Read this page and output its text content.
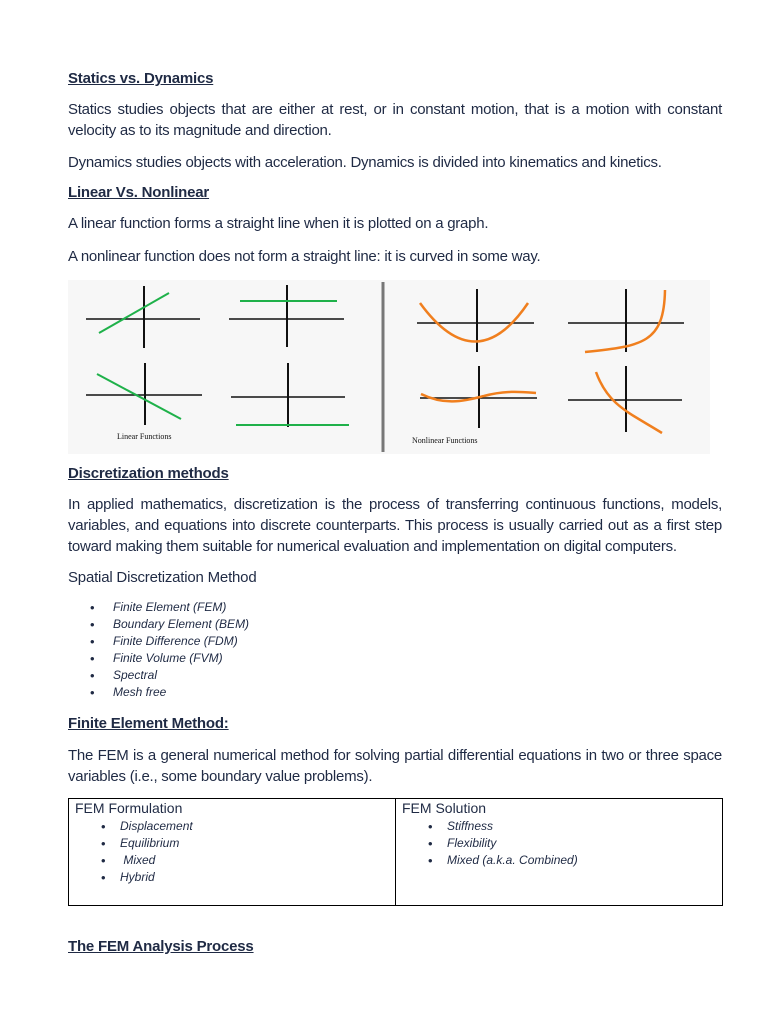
Statics vs. Dynamics
Statics studies objects that are either at rest, or in constant motion, that is a motion with constant velocity as to its magnitude and direction.
Dynamics studies objects with acceleration. Dynamics is divided into kinematics and kinetics.
Linear Vs. Nonlinear
A linear function forms a straight line when it is plotted on a graph.
A nonlinear function does not form a straight line: it is curved in some way.
Discretization methods
In applied mathematics, discretization is the process of transferring continuous functions, models, variables, and equations into discrete counterparts. This process is usually carried out as a first step toward making them suitable for numerical evaluation and implementation on digital computers.
Spatial Discretization Method
• Finite Element (FEM)
• Boundary Element (BEM)
• Finite Difference (FDM)
• Finite Volume (FVM)
• Spectral
• Mesh free
Finite Element Method:
The FEM is a general numerical method for solving partial differential equations in two or three space variables (i.e., some boundary value problems).
The FEM Analysis Process
Linear Functions	Nonlinear Functions
FEM Formulation
• Displacement
• Equilibrium
•  Mixed
• Hybrid

FEM Solution
• Stiffness
• Flexibility
• Mixed (a.k.a. Combined)
